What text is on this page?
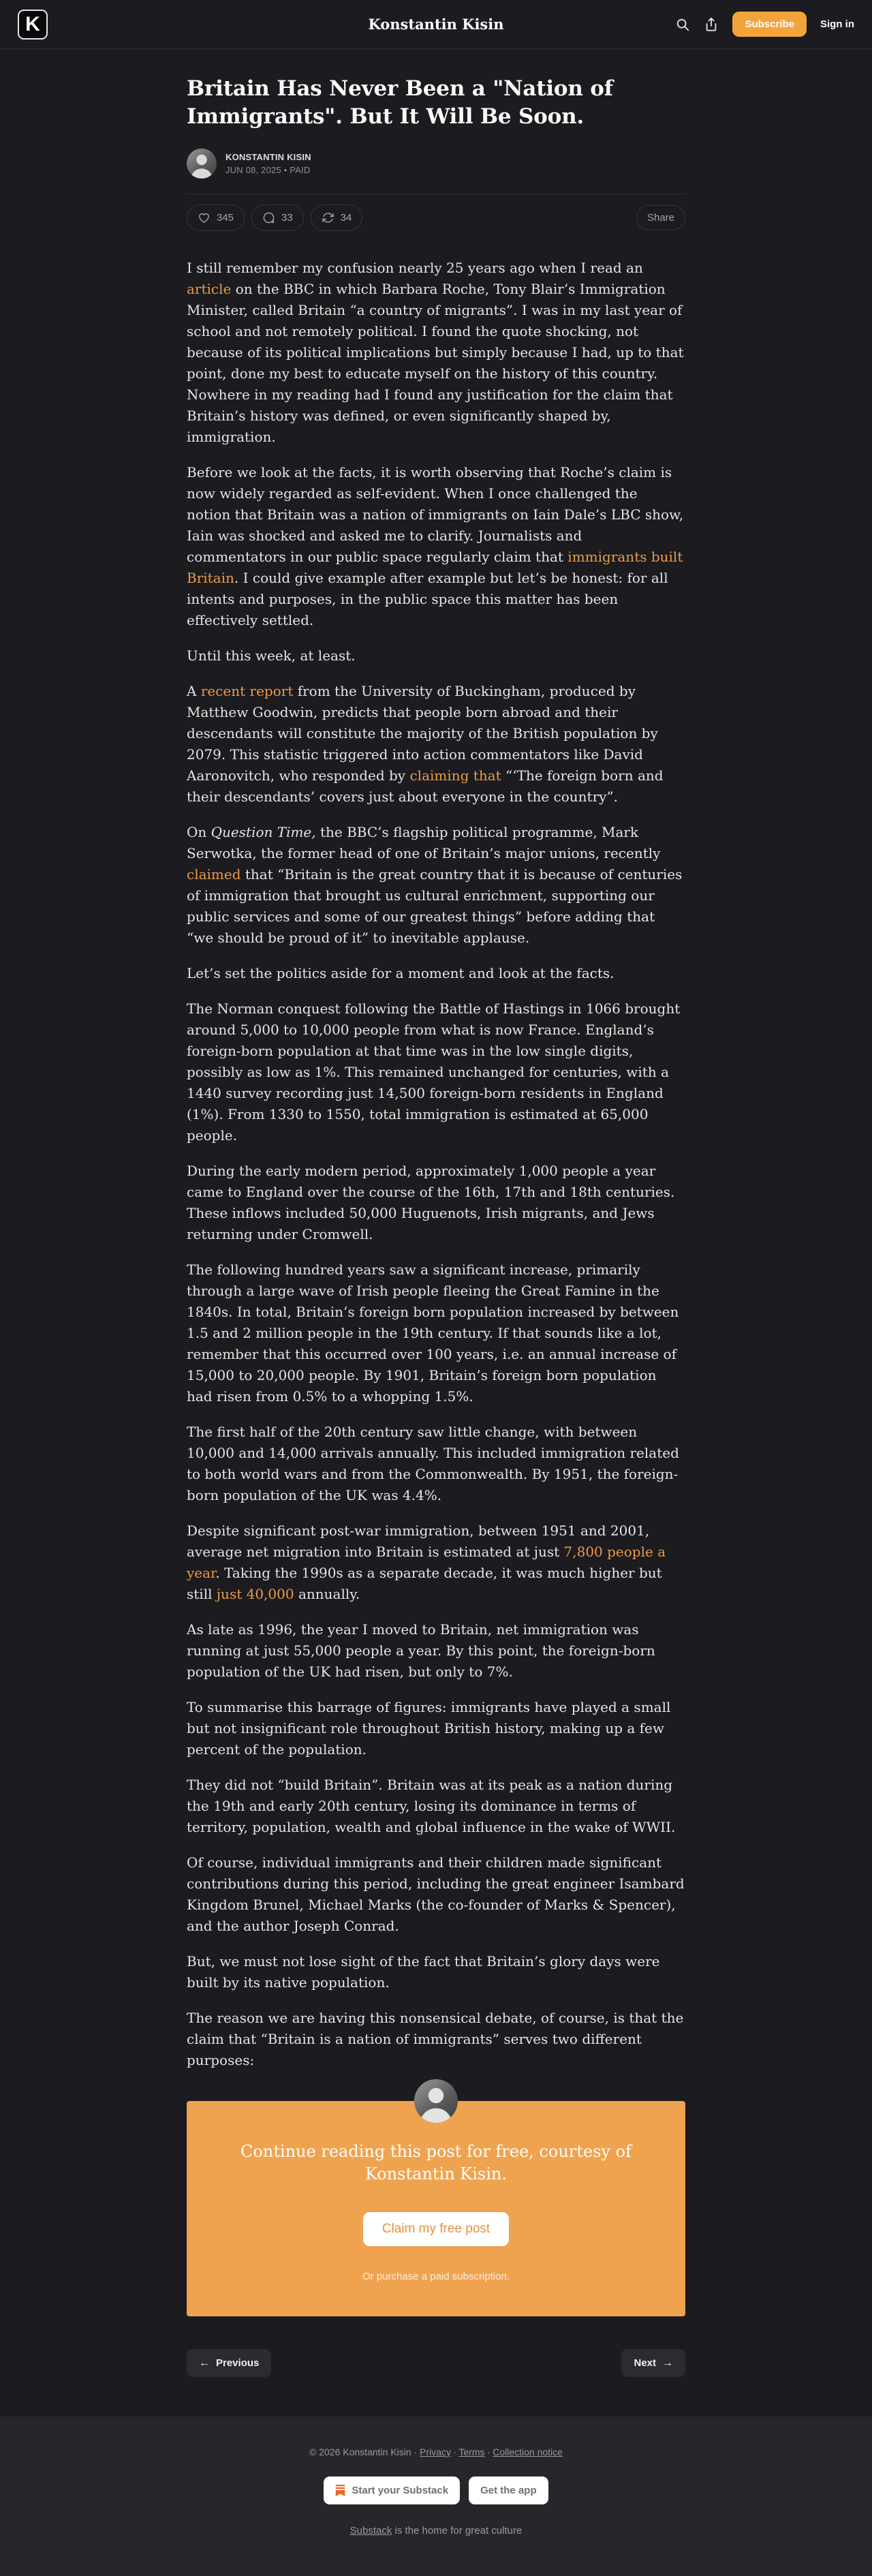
K	Konstantin Kisin	Subscribe	Sign in
Britain Has Never Been a "Nation of Immigrants". But It Will Be Soon.
KONSTANTIN KISIN
JUN 08, 2025 • PAID
345	33	34	Share

I still remember my confusion nearly 25 years ago when I read an article on the BBC in which Barbara Roche, Tony Blair’s Immigration Minister, called Britain “a country of migrants”. I was in my last year of school and not remotely political. I found the quote shocking, not because of its political implications but simply because I had, up to that point, done my best to educate myself on the history of this country. Nowhere in my reading had I found any justification for the claim that Britain’s history was defined, or even significantly shaped by, immigration.

Before we look at the facts, it is worth observing that Roche’s claim is now widely regarded as self-evident. When I once challenged the notion that Britain was a nation of immigrants on Iain Dale’s LBC show, Iain was shocked and asked me to clarify. Journalists and commentators in our public space regularly claim that immigrants built Britain. I could give example after example but let’s be honest: for all intents and purposes, in the public space this matter has been effectively settled.

Until this week, at least.

A recent report from the University of Buckingham, produced by Matthew Goodwin, predicts that people born abroad and their descendants will constitute the majority of the British population by 2079. This statistic triggered into action commentators like David Aaronovitch, who responded by claiming that “‘The foreign born and their descendants’ covers just about everyone in the country”.

On Question Time, the BBC’s flagship political programme, Mark Serwotka, the former head of one of Britain’s major unions, recently claimed that “Britain is the great country that it is because of centuries of immigration that brought us cultural enrichment, supporting our public services and some of our greatest things” before adding that “we should be proud of it” to inevitable applause.

Let’s set the politics aside for a moment and look at the facts.

The Norman conquest following the Battle of Hastings in 1066 brought around 5,000 to 10,000 people from what is now France. England’s foreign-born population at that time was in the low single digits, possibly as low as 1%. This remained unchanged for centuries, with a 1440 survey recording just 14,500 foreign-born residents in England (1%). From 1330 to 1550, total immigration is estimated at 65,000 people.

During the early modern period, approximately 1,000 people a year came to England over the course of the 16th, 17th and 18th centuries. These inflows included 50,000 Huguenots, Irish migrants, and Jews returning under Cromwell.

The following hundred years saw a significant increase, primarily through a large wave of Irish people fleeing the Great Famine in the 1840s. In total, Britain’s foreign born population increased by between 1.5 and 2 million people in the 19th century. If that sounds like a lot, remember that this occurred over 100 years, i.e. an annual increase of 15,000 to 20,000 people. By 1901, Britain’s foreign born population had risen from 0.5% to a whopping 1.5%.

The first half of the 20th century saw little change, with between 10,000 and 14,000 arrivals annually. This included immigration related to both world wars and from the Commonwealth. By 1951, the foreign-born population of the UK was 4.4%.

Despite significant post-war immigration, between 1951 and 2001, average net migration into Britain is estimated at just 7,800 people a year. Taking the 1990s as a separate decade, it was much higher but still just 40,000 annually.

As late as 1996, the year I moved to Britain, net immigration was running at just 55,000 people a year. By this point, the foreign-born population of the UK had risen, but only to 7%.

To summarise this barrage of figures: immigrants have played a small but not insignificant role throughout British history, making up a few percent of the population.

They did not “build Britain”. Britain was at its peak as a nation during the 19th and early 20th century, losing its dominance in terms of territory, population, wealth and global influence in the wake of WWII.

Of course, individual immigrants and their children made significant contributions during this period, including the great engineer Isambard Kingdom Brunel, Michael Marks (the co-founder of Marks & Spencer), and the author Joseph Conrad.

But, we must not lose sight of the fact that Britain’s glory days were built by its native population.

The reason we are having this nonsensical debate, of course, is that the claim that “Britain is a nation of immigrants” serves two different purposes:

Continue reading this post for free, courtesy of Konstantin Kisin.
Claim my free post
Or purchase a paid subscription.
← Previous	Next →
© 2026 Konstantin Kisin · Privacy ∙ Terms ∙ Collection notice
Start your Substack	Get the app
Substack is the home for great culture
